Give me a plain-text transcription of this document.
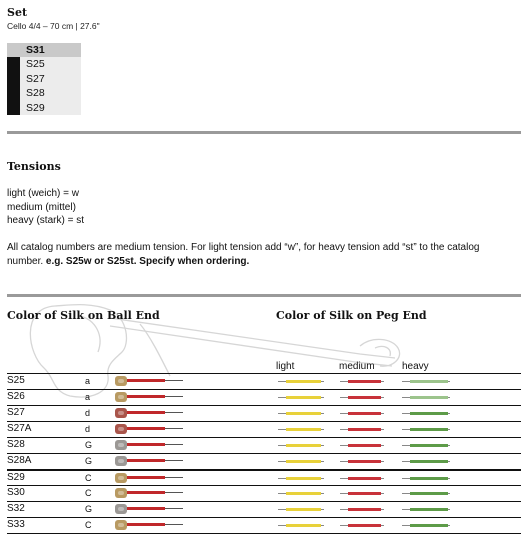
Set
Cello 4/4 – 70 cm | 27.6"
S31
S25
S27
S28
S29
Tensions
light (weich) = w
medium (mittel)
heavy (stark) = st
All catalog numbers are medium tension. For light tension add “w”, for heavy tension add “st” to the catalog number. e.g. S25w or S25st. Specify when ordering.
Color of Silk on Ball End	Color of Silk on Peg End
light	medium	heavy
S25	a
S26	a
S27	d
S27A	d
S28	G
S28A	G
S29	C
S30	C
S32	G
S33	C
